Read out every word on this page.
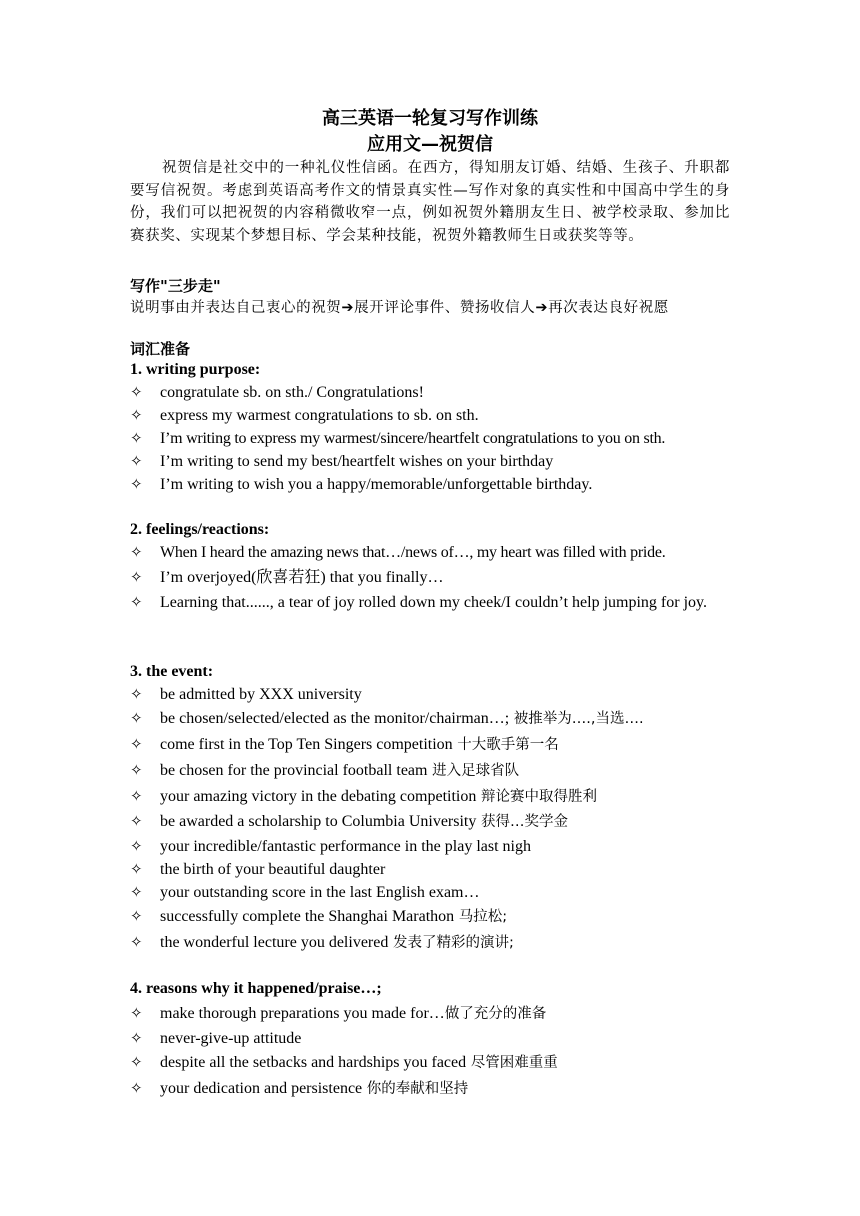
高三英语一轮复习写作训练
应用文—祝贺信
祝贺信是社交中的一种礼仪性信函。在西方，得知朋友订婚、结婚、生孩子、升职都要写信祝贺。考虑到英语高考作文的情景真实性—写作对象的真实性和中国高中学生的身份，我们可以把祝贺的内容稍微收窄一点，例如祝贺外籍朋友生日、被学校录取、参加比赛获奖、实现某个梦想目标、学会某种技能，祝贺外籍教师生日或获奖等等。
写作"三步走"
说明事由并表达自己衷心的祝贺➔展开评论事件、赞扬收信人➔再次表达良好祝愿
词汇准备
1. writing purpose:
✧	congratulate sb. on sth./ Congratulations!
✧	express my warmest congratulations to sb. on sth.
✧	I’m writing to express my warmest/sincere/heartfelt congratulations to you on sth.
✧	I’m writing to send my best/heartfelt wishes on your birthday
✧	I’m writing to wish you a happy/memorable/unforgettable birthday.
2. feelings/reactions:
✧	When I heard the amazing news that…/news of…, my heart was filled with pride.
✧	I’m overjoyed(欣喜若狂) that you finally…
✧	Learning that......, a tear of joy rolled down my cheek/I couldn’t help jumping for joy.
3. the event:
✧	be admitted by XXX university
✧	be chosen/selected/elected as the monitor/chairman…; 被推举为….,当选….
✧	come first in the Top Ten Singers competition 十大歌手第一名
✧	be chosen for the provincial football team 进入足球省队
✧	your amazing victory in the debating competition 辩论赛中取得胜利
✧	be awarded a scholarship to Columbia University 获得…奖学金
✧	your incredible/fantastic performance in the play last nigh
✧	the birth of your beautiful daughter
✧	your outstanding score in the last English exam…
✧	successfully complete the Shanghai Marathon 马拉松;
✧	the wonderful lecture you delivered 发表了精彩的演讲;
4. reasons why it happened/praise…;
✧	make thorough preparations you made for…做了充分的准备
✧	never-give-up attitude
✧	despite all the setbacks and hardships you faced 尽管困难重重
✧	your dedication and persistence 你的奉献和坚持
